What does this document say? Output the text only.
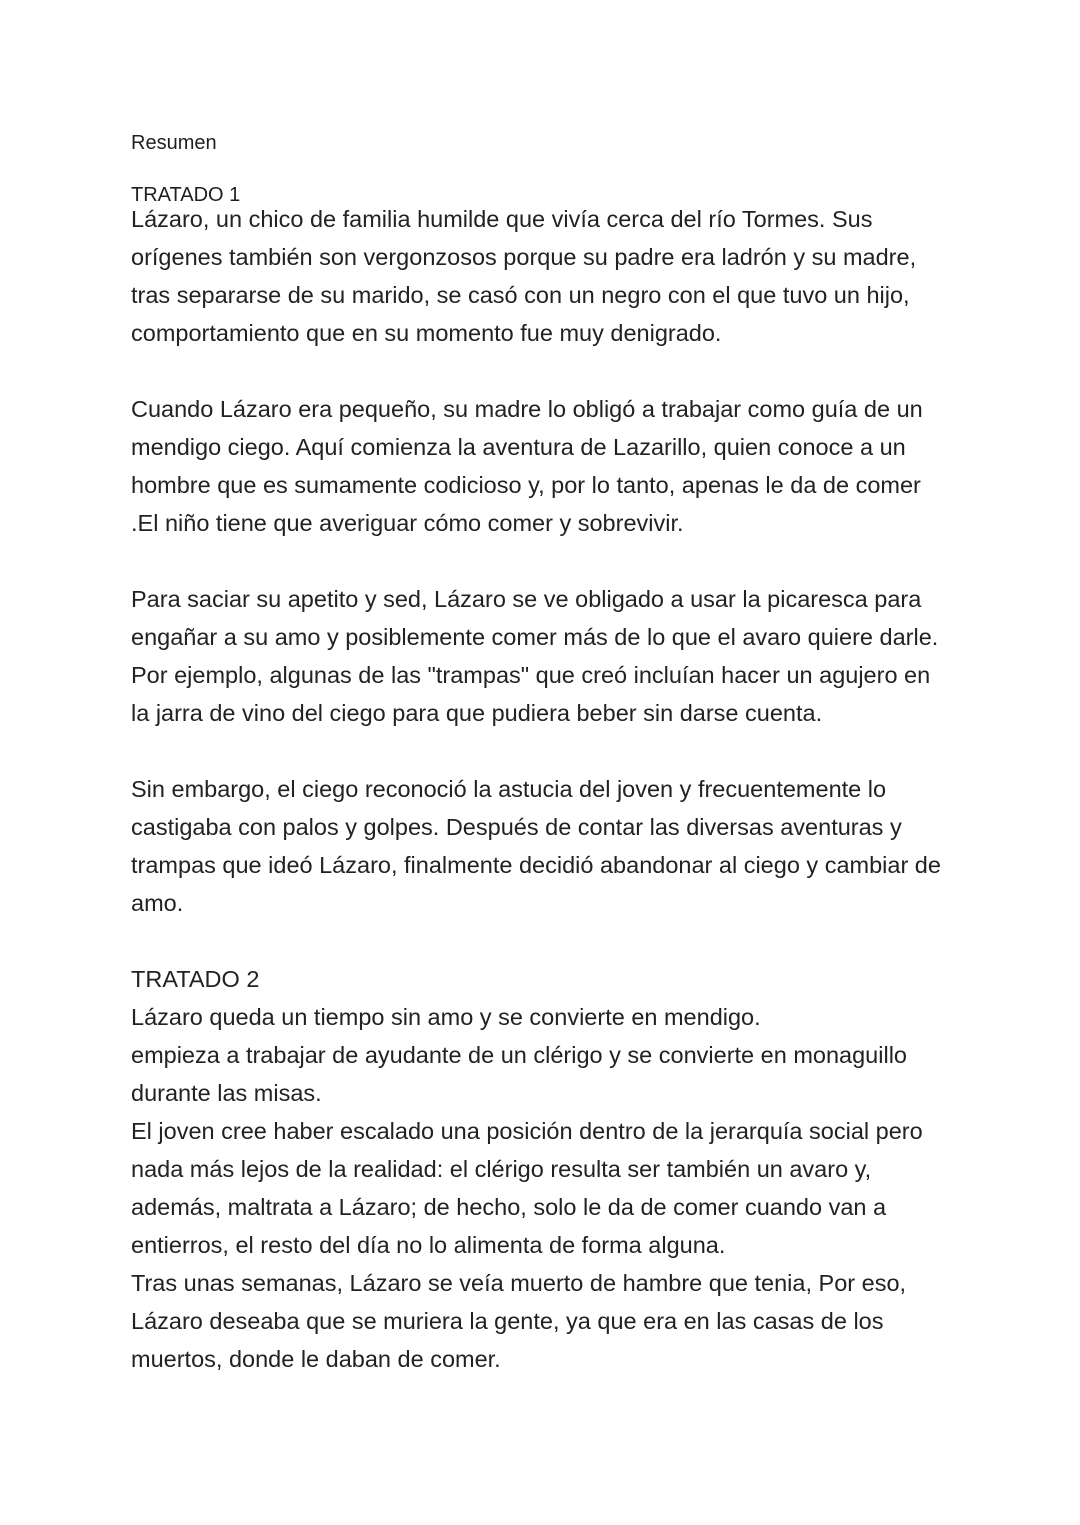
Resumen

TRATADO 1

Lázaro, un chico de familia humilde que vivía cerca del río Tormes. Sus orígenes también son vergonzosos porque su padre era ladrón y su madre, tras separarse de su marido, se casó con un negro con el que tuvo un hijo, comportamiento que en su momento fue muy denigrado.

Cuando Lázaro era pequeño, su madre lo obligó a trabajar como guía de un mendigo ciego. Aquí comienza la aventura de Lazarillo, quien conoce a un hombre que es sumamente codicioso y, por lo tanto, apenas le da de comer .El niño tiene que averiguar cómo comer y sobrevivir.

Para saciar su apetito y sed, Lázaro se ve obligado a usar la picaresca para engañar a su amo y posiblemente comer más de lo que el avaro quiere darle. Por ejemplo, algunas de las "trampas" que creó incluían hacer un agujero en la jarra de vino del ciego para que pudiera beber sin darse cuenta.

Sin embargo, el ciego reconoció la astucia del joven y frecuentemente lo castigaba con palos y golpes. Después de contar las diversas aventuras y trampas que ideó Lázaro, finalmente decidió abandonar al ciego y cambiar de amo.

TRATADO 2

Lázaro queda un tiempo sin amo y se convierte en mendigo.

empieza a trabajar de ayudante de un clérigo y se convierte en monaguillo durante las misas.

El joven cree haber escalado una posición dentro de la jerarquía social pero nada más lejos de la realidad: el clérigo resulta ser también un avaro y, además, maltrata a Lázaro; de hecho, solo le da de comer cuando van a entierros, el resto del día no lo alimenta de forma alguna.

Tras unas semanas, Lázaro se veía muerto de hambre que tenia, Por eso, Lázaro deseaba que se muriera la gente, ya que era en las casas de los muertos, donde le daban de comer.
